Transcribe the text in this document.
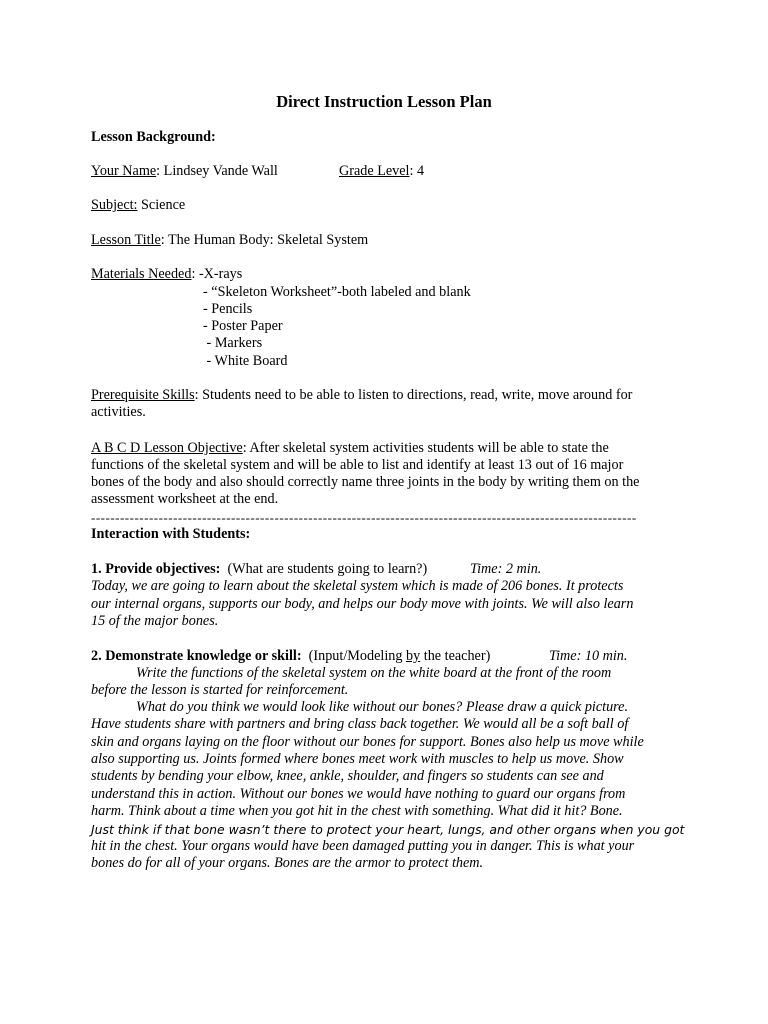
Direct Instruction Lesson Plan
Lesson Background:
Your Name: Lindsey Vande Wall	Grade Level: 4
Subject: Science
Lesson Title: The Human Body: Skeletal System
Materials Needed: -X-rays
- “Skeleton Worksheet”-both labeled and blank
- Pencils
- Poster Paper
- Markers
- White Board
Prerequisite Skills: Students need to be able to listen to directions, read, write, move around for
activities.
A B C D Lesson Objective: After skeletal system activities students will be able to state the
functions of the skeletal system and will be able to list and identify at least 13 out of 16 major
bones of the body and also should correctly name three joints in the body by writing them on the
assessment worksheet at the end.
-----------------------------------------------------------------------------------------------------------------
Interaction with Students:
1. Provide objectives:  (What are students going to learn?)	Time: 2 min.
Today, we are going to learn about the skeletal system which is made of 206 bones. It protects
our internal organs, supports our body, and helps our body move with joints. We will also learn
15 of the major bones.
2. Demonstrate knowledge or skill:  (Input/Modeling by the teacher)	Time: 10 min.
Write the functions of the skeletal system on the white board at the front of the room
before the lesson is started for reinforcement.
What do you think we would look like without our bones? Please draw a quick picture.
Have students share with partners and bring class back together. We would all be a soft ball of
skin and organs laying on the floor without our bones for support. Bones also help us move while
also supporting us. Joints formed where bones meet work with muscles to help us move. Show
students by bending your elbow, knee, ankle, shoulder, and fingers so students can see and
understand this in action. Without our bones we would have nothing to guard our organs from
harm. Think about a time when you got hit in the chest with something. What did it hit? Bone.
Just think if that bone wasn’t there to protect your heart, lungs, and other organs when you got
hit in the chest. Your organs would have been damaged putting you in danger. This is what your
bones do for all of your organs. Bones are the armor to protect them.
